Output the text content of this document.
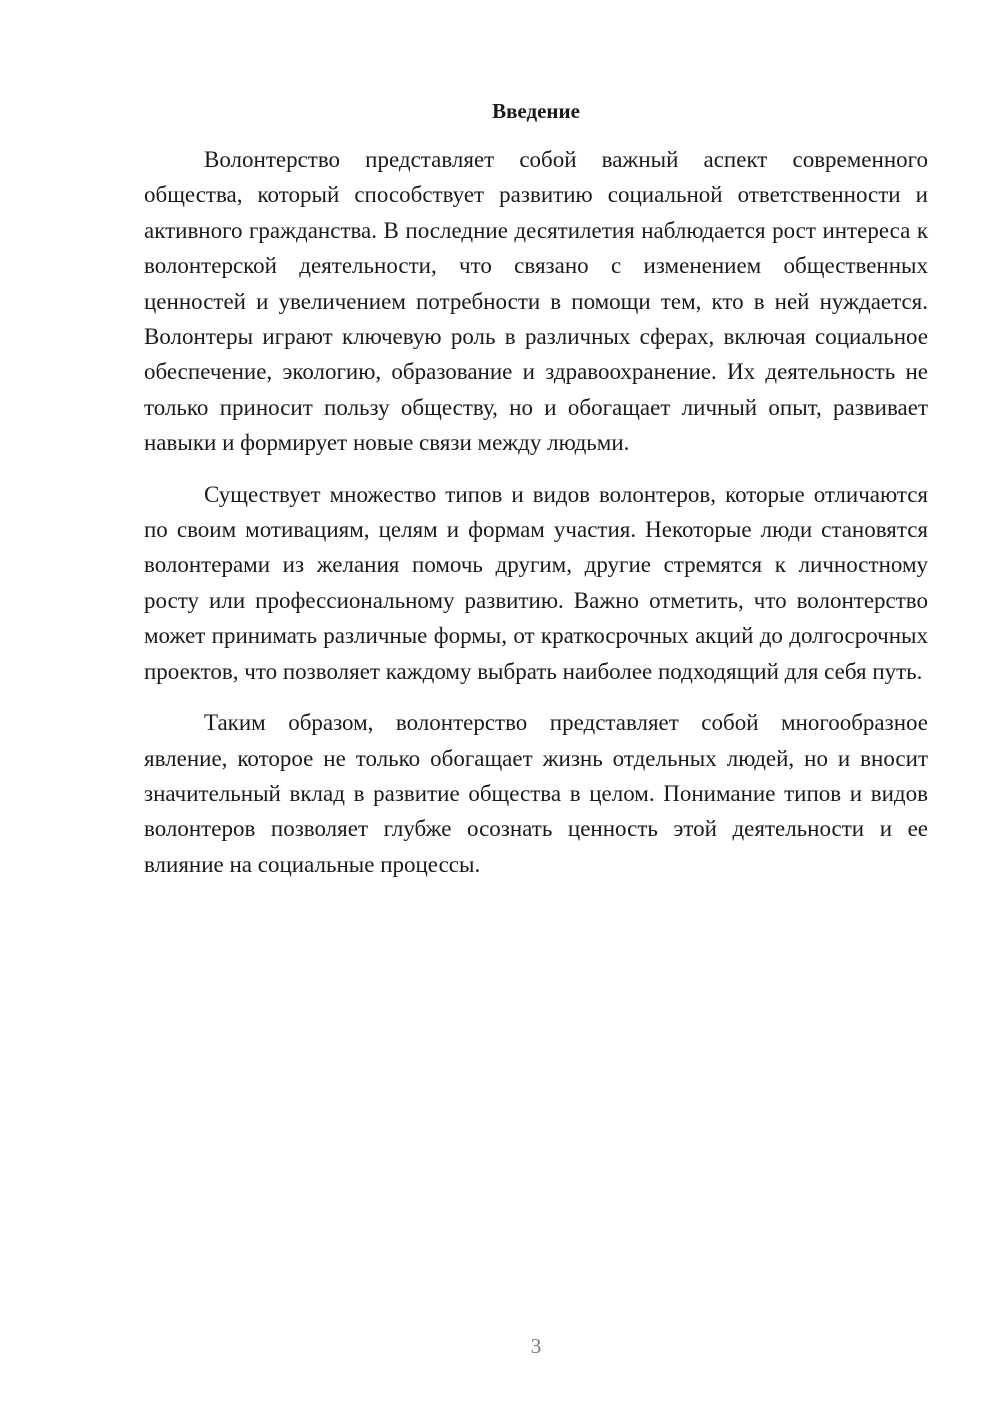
Введение

Волонтерство представляет собой важный аспект современного общества, который способствует развитию социальной ответственности и активного гражданства. В последние десятилетия наблюдается рост интереса к волонтерской деятельности, что связано с изменением общественных ценностей и увеличением потребности в помощи тем, кто в ней нуждается. Волонтеры играют ключевую роль в различных сферах, включая социальное обеспечение, экологию, образование и здравоохранение. Их деятельность не только приносит пользу обществу, но и обогащает личный опыт, развивает навыки и формирует новые связи между людьми.

Существует множество типов и видов волонтеров, которые отличаются по своим мотивациям, целям и формам участия. Некоторые люди становятся волонтерами из желания помочь другим, другие стремятся к личностному росту или профессиональному развитию. Важно отметить, что волонтерство может принимать различные формы, от краткосрочных акций до долгосрочных проектов, что позволяет каждому выбрать наиболее подходящий для себя путь.

Таким образом, волонтерство представляет собой многообразное явление, которое не только обогащает жизнь отдельных людей, но и вносит значительный вклад в развитие общества в целом. Понимание типов и видов волонтеров позволяет глубже осознать ценность этой деятельности и ее влияние на социальные процессы.

3
